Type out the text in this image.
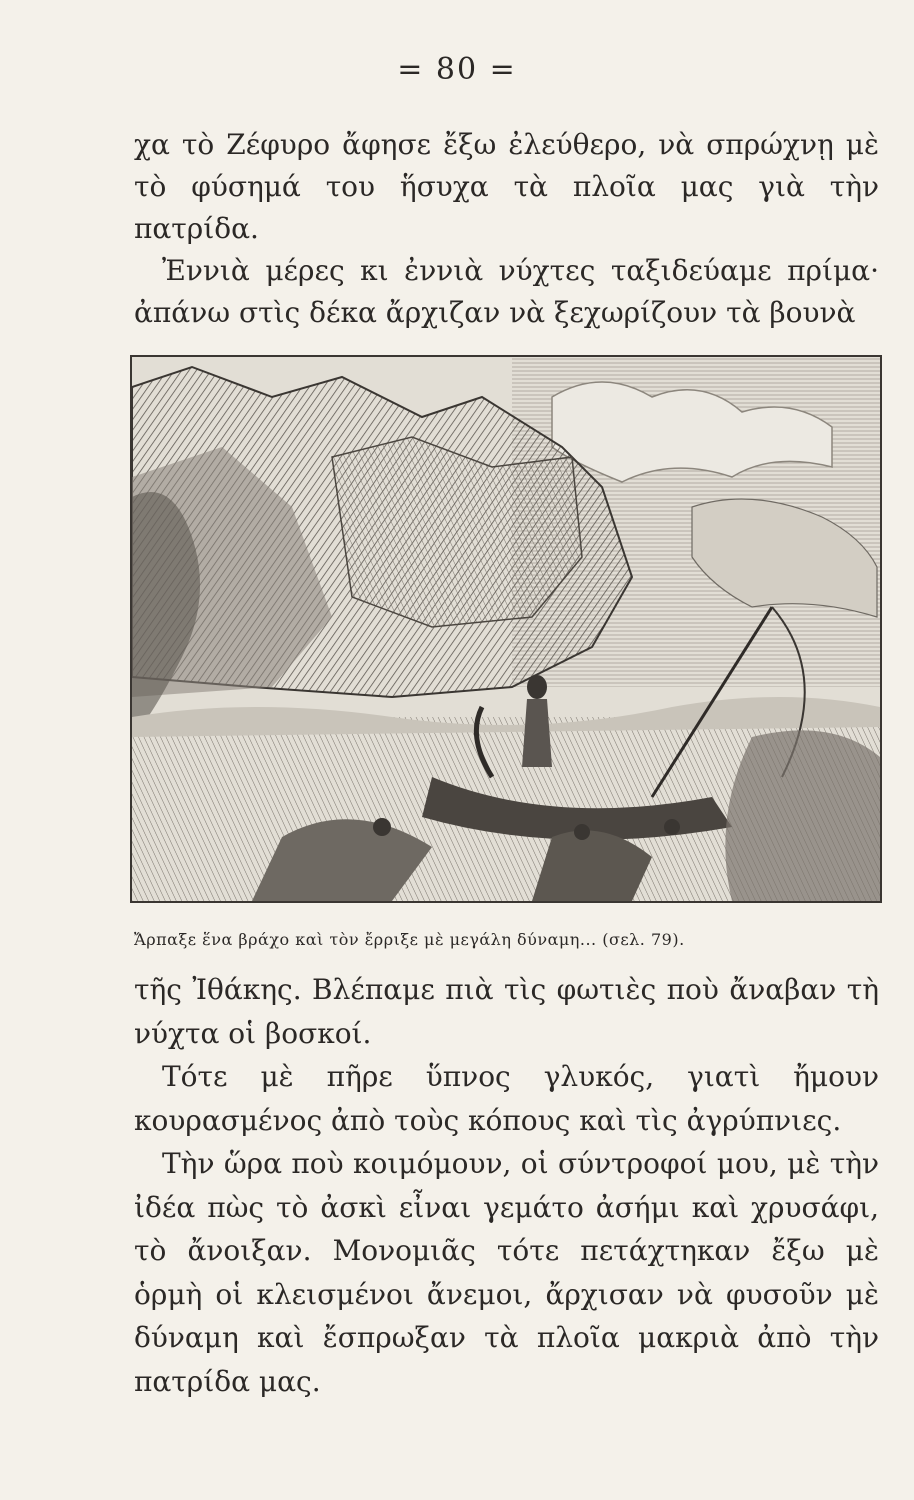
= 80 =

χα τὸ Ζέφυρο ἄφησε ἔξω ἐλεύθερο, νὰ σπρώχνῃ μὲ τὸ φύσημά του ἥσυχα τὰ πλοῖα μας γιὰ τὴν πατρίδα.

Ἐννιὰ μέρες κι ἐννιὰ νύχτες ταξιδεύαμε πρίμα· ἀπάνω στὶς δέκα ἄρχιζαν νὰ ξεχωρίζουν τὰ βουνὰ

Ἄρπαξε ἕνα βράχο καὶ τὸν ἔρριξε μὲ μεγάλη δύναμη... (σελ. 79).

τῆς Ἰθάκης. Βλέπαμε πιὰ τὶς φωτιὲς ποὺ ἄναβαν τὴ νύχτα οἱ βοσκοί.

Τότε μὲ πῆρε ὕπνος γλυκός, γιατὶ ἤμουν κουρασμένος ἀπὸ τοὺς κόπους καὶ τὶς ἀγρύπνιες.

Τὴν ὥρα ποὺ κοιμόμουν, οἱ σύντροφοί μου, μὲ τὴν ἰδέα πὼς τὸ ἀσκὶ εἶναι γεμάτο ἀσήμι καὶ χρυσάφι, τὸ ἄνοιξαν. Μονομιᾶς τότε πετάχτηκαν ἔξω μὲ ὁρμὴ οἱ κλεισμένοι ἄνεμοι, ἄρχισαν νὰ φυσοῦν μὲ δύναμη καὶ ἔσπρωξαν τὰ πλοῖα μακριὰ ἀπὸ τὴν πατρίδα μας.
